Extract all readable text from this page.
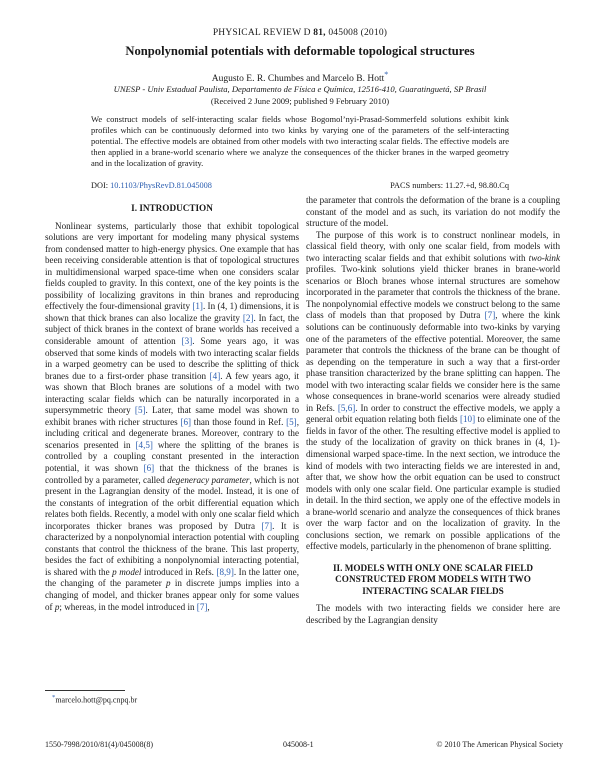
PHYSICAL REVIEW D 81, 045008 (2010)
Nonpolynomial potentials with deformable topological structures
Augusto E. R. Chumbes and Marcelo B. Hott*
UNESP - Univ Estadual Paulista, Departamento de Física e Química, 12516-410, Guaratinguetá, SP Brasil
(Received 2 June 2009; published 9 February 2010)
We construct models of self-interacting scalar fields whose Bogomol’nyi-Prasad-Sommerfeld solutions exhibit kink profiles which can be continuously deformed into two kinks by varying one of the parameters of the self-interacting potential. The effective models are obtained from other models with two interacting scalar fields. The effective models are then applied in a brane-world scenario where we analyze the consequences of the thicker branes in the warped geometry and in the localization of gravity.
DOI: 10.1103/PhysRevD.81.045008	PACS numbers: 11.27.+d, 98.80.Cq
I. INTRODUCTION

Nonlinear systems, particularly those that exhibit topological solutions are very important for modeling many physical systems from condensed matter to high-energy physics. One example that has been receiving considerable attention is that of topological structures in multidimensional warped space-time when one considers scalar fields coupled to gravity. In this context, one of the key points is the possibility of localizing gravitons in thin branes and reproducing effectively the four-dimensional gravity [1]. In (4, 1) dimensions, it is shown that thick branes can also localize the gravity [2]. In fact, the subject of thick branes in the context of brane worlds has received a considerable amount of attention [3]. Some years ago, it was observed that some kinds of models with two interacting scalar fields in a warped geometry can be used to describe the splitting of thick branes due to a first-order phase transition [4]. A few years ago, it was shown that Bloch branes are solutions of a model with two interacting scalar fields which can be naturally incorporated in a supersymmetric theory [5]. Later, that same model was shown to exhibit branes with richer structures [6] than those found in Ref. [5], including critical and degenerate branes. Moreover, contrary to the scenarios presented in [4,5] where the splitting of the branes is controlled by a coupling constant presented in the interaction potential, it was shown [6] that the thickness of the branes is controlled by a parameter, called degeneracy parameter, which is not present in the Lagrangian density of the model. Instead, it is one of the constants of integration of the orbit differential equation which relates both fields. Recently, a model with only one scalar field which incorporates thicker branes was proposed by Dutra [7]. It is characterized by a nonpolynomial interaction potential with coupling constants that control the thickness of the brane. This last property, besides the fact of exhibiting a nonpolynomial interacting potential, is shared with the p model introduced in Refs. [8,9]. In the latter one, the changing of the parameter p in discrete jumps implies into a changing of model, and thicker branes appear only for some values of p; whereas, in the model introduced in [7],

the parameter that controls the deformation of the brane is a coupling constant of the model and as such, its variation do not modify the structure of the model.

The purpose of this work is to construct nonlinear models, in classical field theory, with only one scalar field, from models with two interacting scalar fields and that exhibit solutions with two-kink profiles. Two-kink solutions yield thicker branes in brane-world scenarios or Bloch branes whose internal structures are somehow incorporated in the parameter that controls the thickness of the brane. The nonpolynomial effective models we construct belong to the same class of models than that proposed by Dutra [7], where the kink solutions can be continuously deformable into two-kinks by varying one of the parameters of the effective potential. Moreover, the same parameter that controls the thickness of the brane can be thought of as depending on the temperature in such a way that a first-order phase transition characterized by the brane splitting can happen. The model with two interacting scalar fields we consider here is the same whose consequences in brane-world scenarios were already studied in Refs. [5,6]. In order to construct the effective models, we apply a general orbit equation relating both fields [10] to eliminate one of the fields in favor of the other. The resulting effective model is applied to the study of the localization of gravity on thick branes in (4, 1)-dimensional warped space-time. In the next section, we introduce the kind of models with two interacting fields we are interested in and, after that, we show how the orbit equation can be used to construct models with only one scalar field. One particular example is studied in detail. In the third section, we apply one of the effective models in a brane-world scenario and analyze the consequences of thick branes over the warp factor and on the localization of gravity. In the conclusions section, we remark on possible applications of the effective models, particularly in the phenomenon of brane splitting.

II. MODELS WITH ONLY ONE SCALAR FIELD CONSTRUCTED FROM MODELS WITH TWO INTERACTING SCALAR FIELDS

The models with two interacting fields we consider here are described by the Lagrangian density

*marcelo.hott@pq.cnpq.br
1550-7998/2010/81(4)/045008(8)	045008-1	© 2010 The American Physical Society
